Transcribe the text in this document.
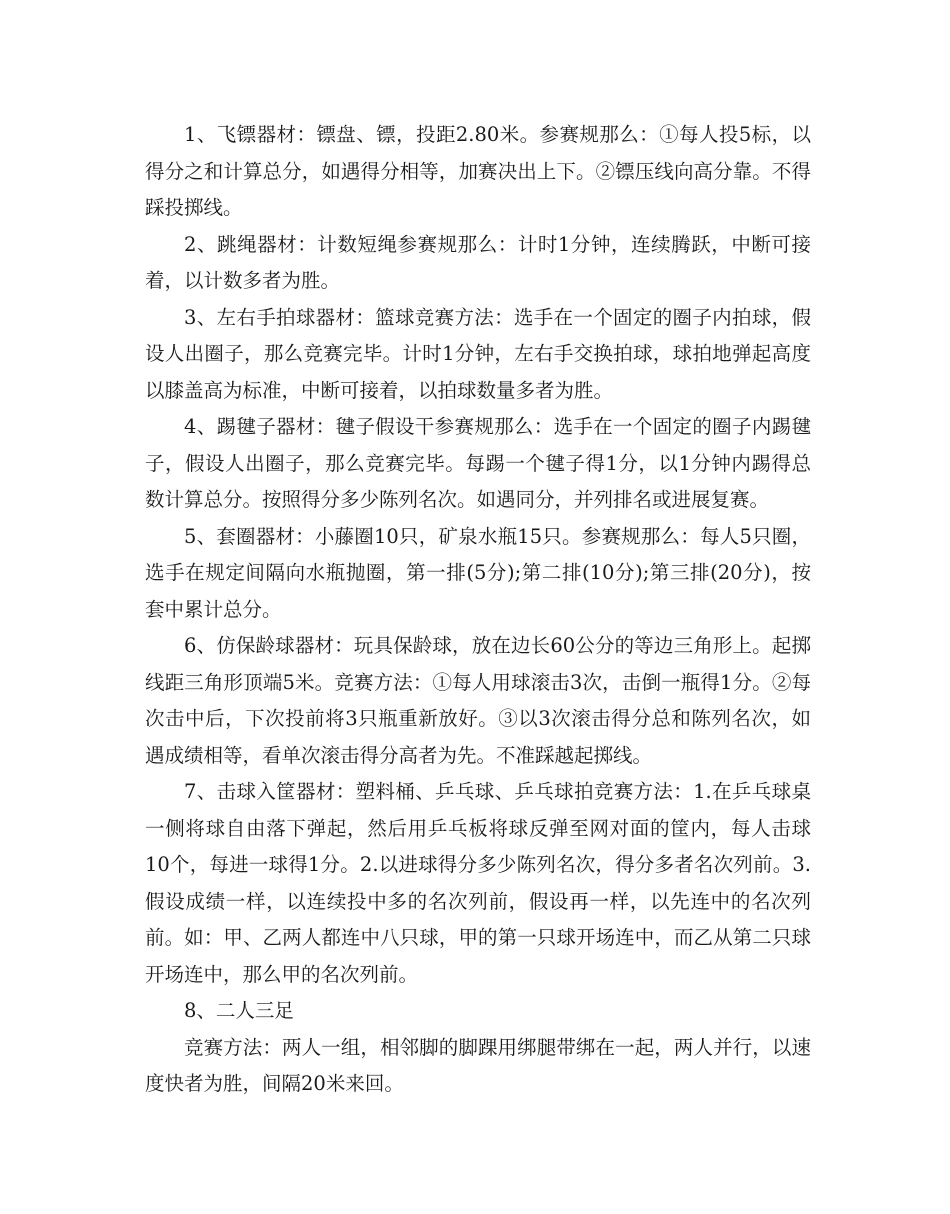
1、飞镖器材：镖盘、镖，投距2.80米。参赛规那么：①每人投5标，以得分之和计算总分，如遇得分相等，加赛决出上下。②镖压线向高分靠。不得踩投掷线。

2、跳绳器材：计数短绳参赛规那么：计时1分钟，连续腾跃，中断可接着，以计数多者为胜。

3、左右手拍球器材：篮球竞赛方法：选手在一个固定的圈子内拍球，假设人出圈子，那么竞赛完毕。计时1分钟，左右手交换拍球，球拍地弹起高度以膝盖高为标准，中断可接着，以拍球数量多者为胜。

4、踢毽子器材：毽子假设干参赛规那么：选手在一个固定的圈子内踢毽子，假设人出圈子，那么竞赛完毕。每踢一个毽子得1分，以1分钟内踢得总数计算总分。按照得分多少陈列名次。如遇同分，并列排名或进展复赛。

5、套圈器材：小藤圈10只，矿泉水瓶15只。参赛规那么：每人5只圈，选手在规定间隔向水瓶抛圈，第一排(5分);第二排(10分);第三排(20分)，按套中累计总分。

6、仿保龄球器材：玩具保龄球，放在边长60公分的等边三角形上。起掷线距三角形顶端5米。竞赛方法：①每人用球滚击3次，击倒一瓶得1分。②每次击中后，下次投前将3只瓶重新放好。③以3次滚击得分总和陈列名次，如遇成绩相等，看单次滚击得分高者为先。不准踩越起掷线。

7、击球入筐器材：塑料桶、乒乓球、乒乓球拍竞赛方法：1.在乒乓球桌一侧将球自由落下弹起，然后用乒乓板将球反弹至网对面的筐内，每人击球10个，每进一球得1分。2.以进球得分多少陈列名次，得分多者名次列前。3.假设成绩一样，以连续投中多的名次列前，假设再一样，以先连中的名次列前。如：甲、乙两人都连中八只球，甲的第一只球开场连中，而乙从第二只球开场连中，那么甲的名次列前。

8、二人三足

竞赛方法：两人一组，相邻脚的脚踝用绑腿带绑在一起，两人并行，以速度快者为胜，间隔20米来回。
